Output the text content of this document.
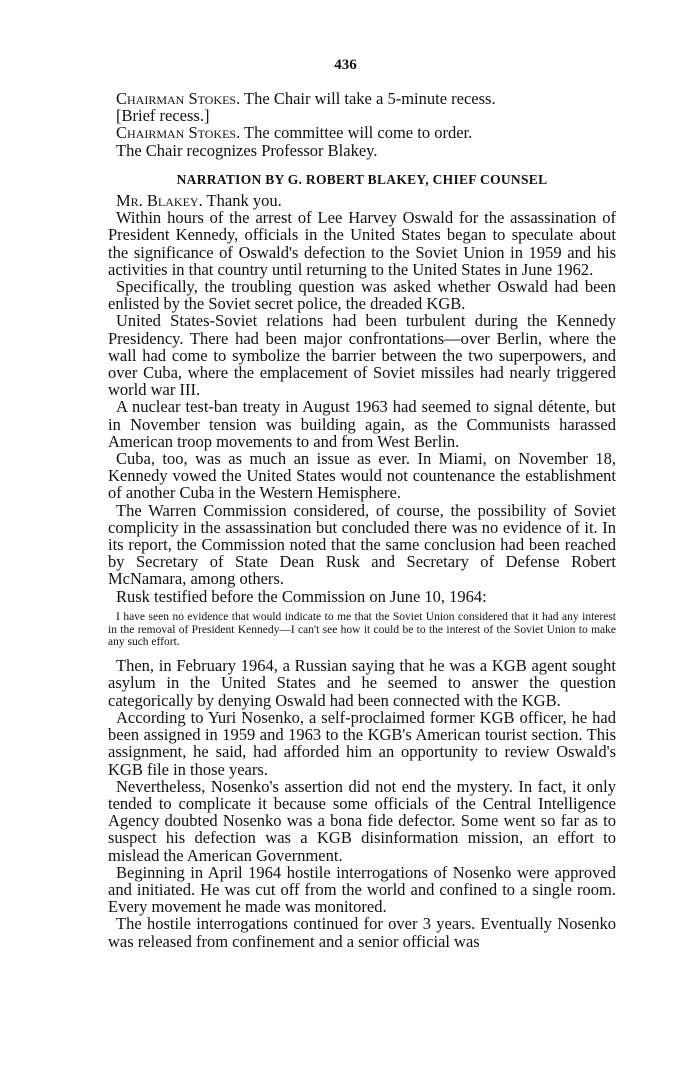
436

Chairman Stokes. The Chair will take a 5-minute recess.

[Brief recess.]

Chairman Stokes. The committee will come to order.

The Chair recognizes Professor Blakey.

NARRATION BY G. ROBERT BLAKEY, CHIEF COUNSEL

Mr. Blakey. Thank you.

Within hours of the arrest of Lee Harvey Oswald for the assassination of President Kennedy, officials in the United States began to speculate about the significance of Oswald's defection to the Soviet Union in 1959 and his activities in that country until returning to the United States in June 1962.

Specifically, the troubling question was asked whether Oswald had been enlisted by the Soviet secret police, the dreaded KGB.

United States-Soviet relations had been turbulent during the Kennedy Presidency. There had been major confrontations—over Berlin, where the wall had come to symbolize the barrier between the two superpowers, and over Cuba, where the emplacement of Soviet missiles had nearly triggered world war III.

A nuclear test-ban treaty in August 1963 had seemed to signal détente, but in November tension was building again, as the Communists harassed American troop movements to and from West Berlin.

Cuba, too, was as much an issue as ever. In Miami, on November 18, Kennedy vowed the United States would not countenance the establishment of another Cuba in the Western Hemisphere.

The Warren Commission considered, of course, the possibility of Soviet complicity in the assassination but concluded there was no evidence of it. In its report, the Commission noted that the same conclusion had been reached by Secretary of State Dean Rusk and Secretary of Defense Robert McNamara, among others.

Rusk testified before the Commission on June 10, 1964:

I have seen no evidence that would indicate to me that the Soviet Union considered that it had any interest in the removal of President Kennedy—I can't see how it could be to the interest of the Soviet Union to make any such effort.

Then, in February 1964, a Russian saying that he was a KGB agent sought asylum in the United States and he seemed to answer the question categorically by denying Oswald had been connected with the KGB.

According to Yuri Nosenko, a self-proclaimed former KGB officer, he had been assigned in 1959 and 1963 to the KGB's American tourist section. This assignment, he said, had afforded him an opportunity to review Oswald's KGB file in those years.

Nevertheless, Nosenko's assertion did not end the mystery. In fact, it only tended to complicate it because some officials of the Central Intelligence Agency doubted Nosenko was a bona fide defector. Some went so far as to suspect his defection was a KGB disinformation mission, an effort to mislead the American Government.

Beginning in April 1964 hostile interrogations of Nosenko were approved and initiated. He was cut off from the world and confined to a single room. Every movement he made was monitored.

The hostile interrogations continued for over 3 years. Eventually Nosenko was released from confinement and a senior official was
